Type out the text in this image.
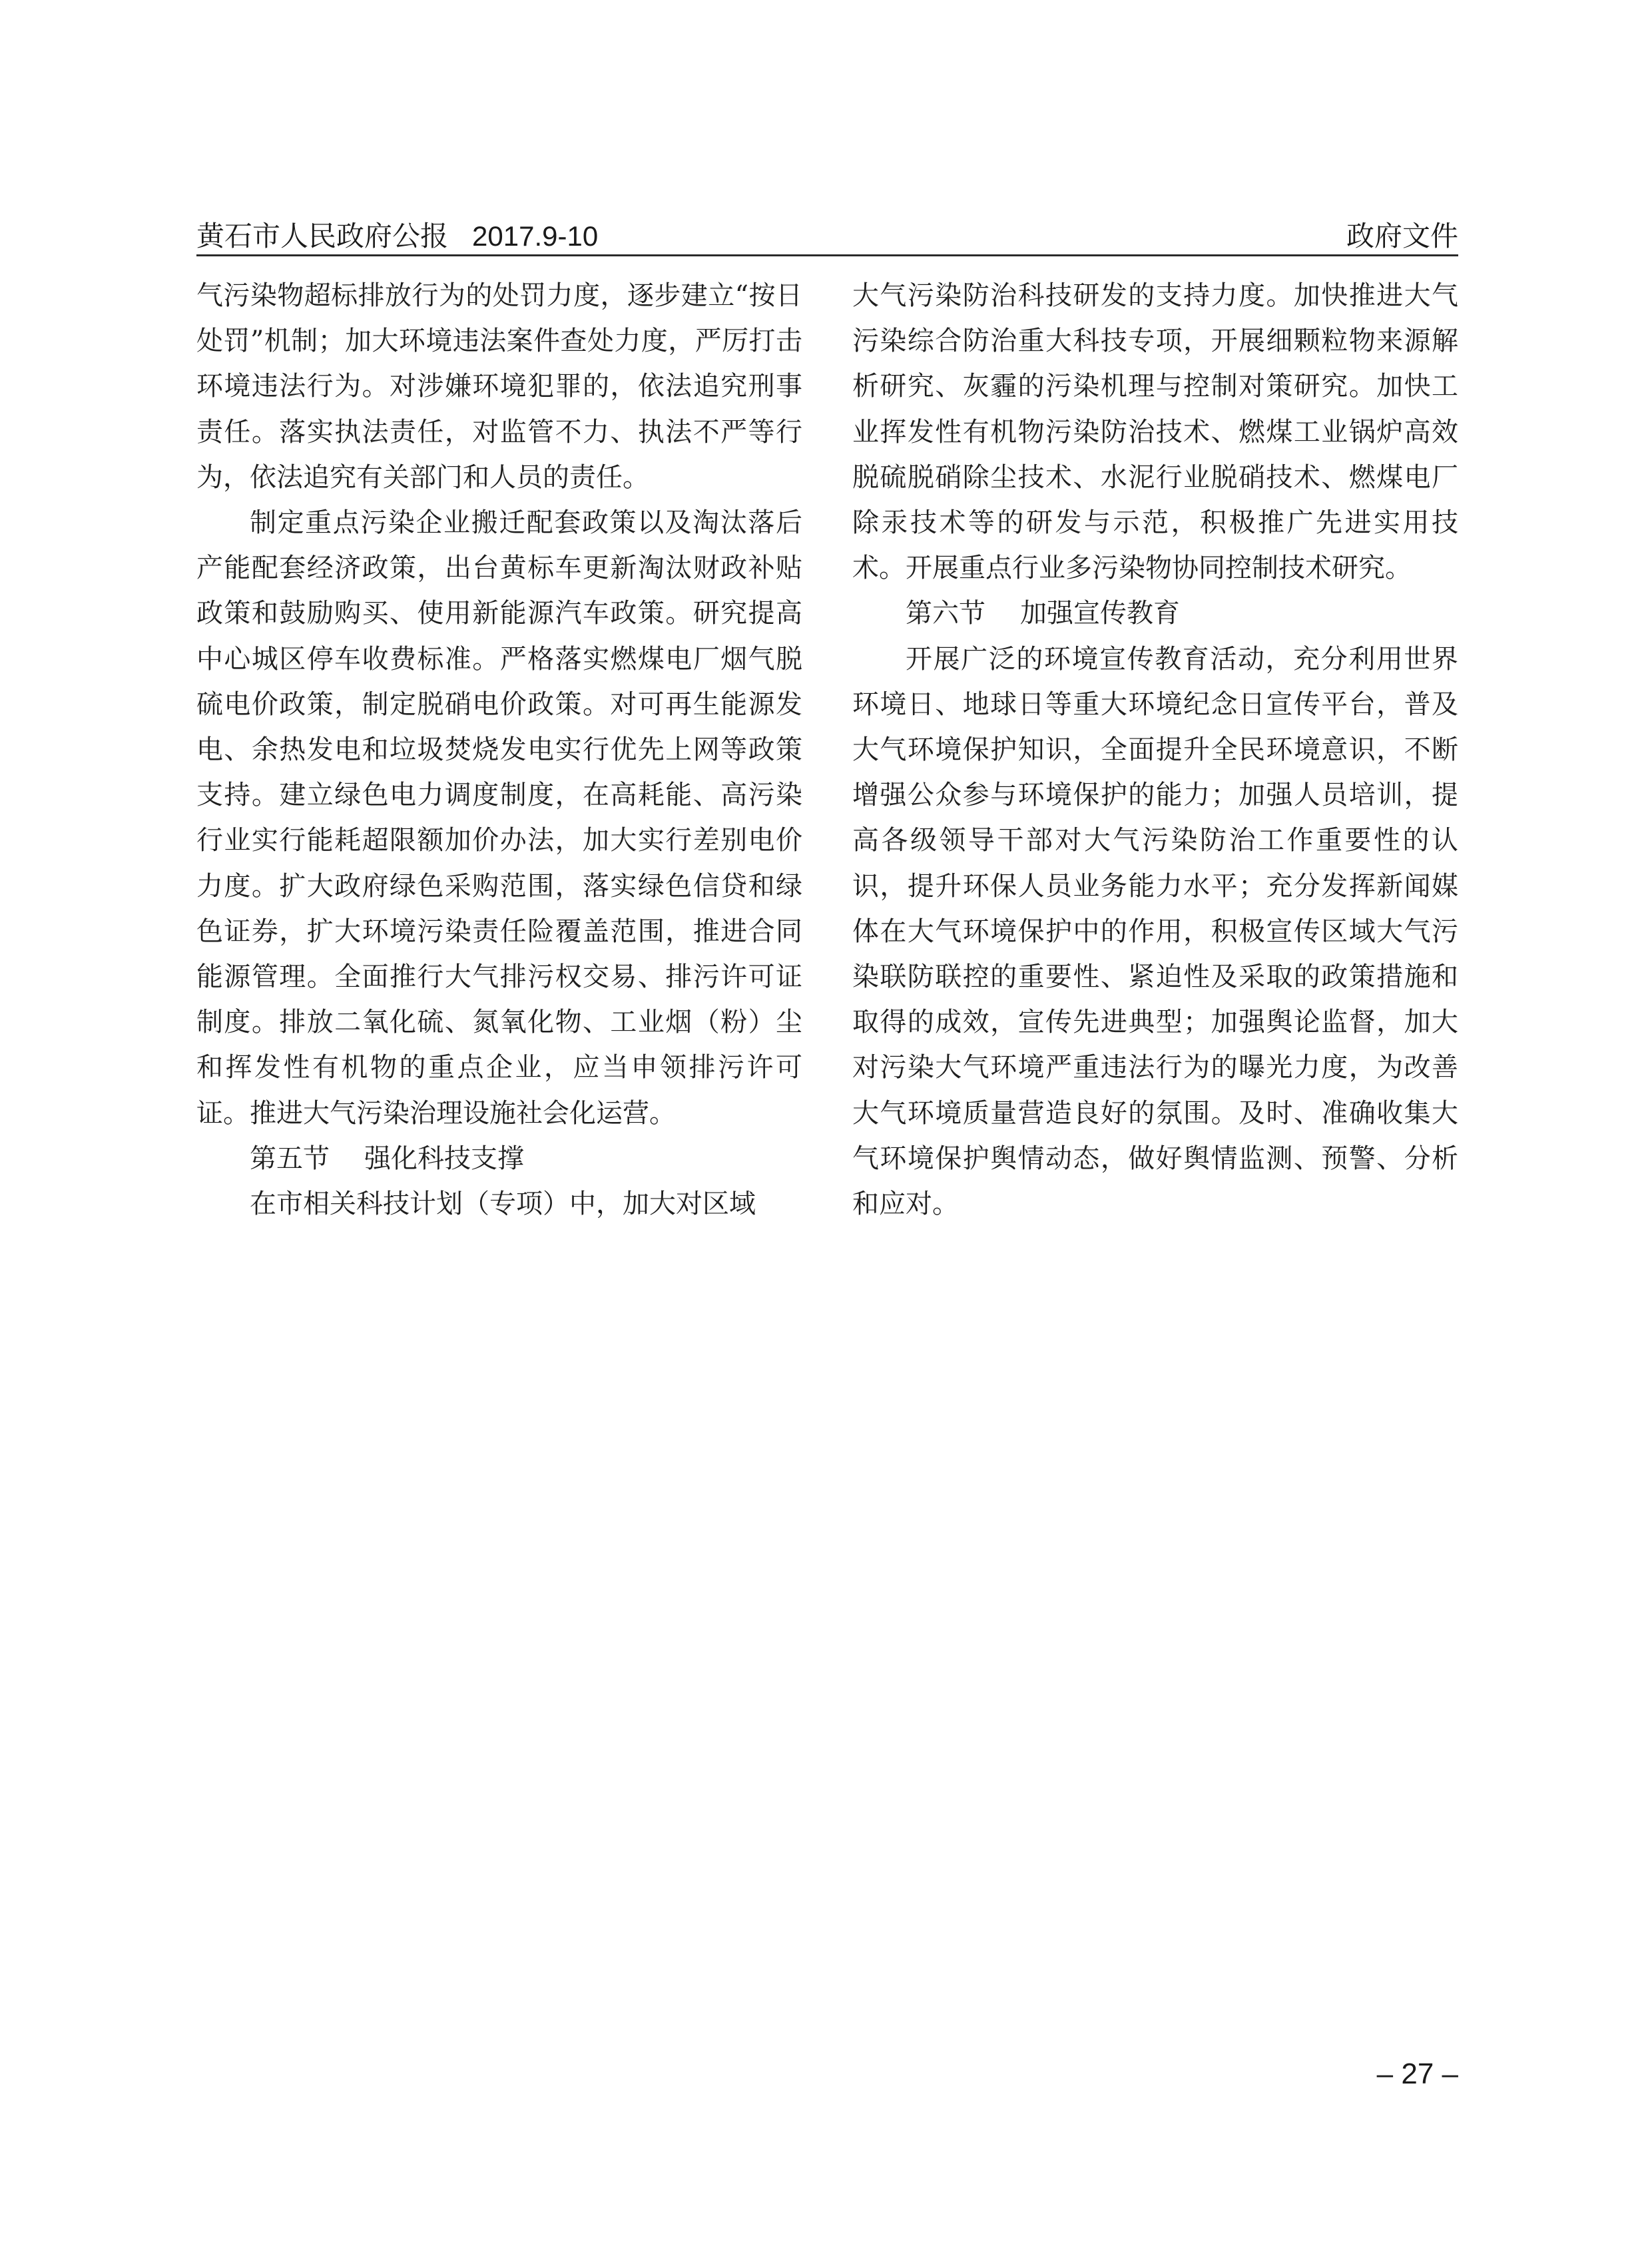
黄石市人民政府公报 2017.9-10	政府文件

气污染物超标排放行为的处罚力度，逐步建立“按日处罚”机制；加大环境违法案件查处力度，严厉打击环境违法行为。对涉嫌环境犯罪的，依法追究刑事责任。落实执法责任，对监管不力、执法不严等行为，依法追究有关部门和人员的责任。

制定重点污染企业搬迁配套政策以及淘汰落后产能配套经济政策，出台黄标车更新淘汰财政补贴政策和鼓励购买、使用新能源汽车政策。研究提高中心城区停车收费标准。严格落实燃煤电厂烟气脱硫电价政策，制定脱硝电价政策。对可再生能源发电、余热发电和垃圾焚烧发电实行优先上网等政策支持。建立绿色电力调度制度，在高耗能、高污染行业实行能耗超限额加价办法，加大实行差别电价力度。扩大政府绿色采购范围，落实绿色信贷和绿色证券，扩大环境污染责任险覆盖范围，推进合同能源管理。全面推行大气排污权交易、排污许可证制度。排放二氧化硫、氮氧化物、工业烟（粉）尘和挥发性有机物的重点企业，应当申领排污许可证。推进大气污染治理设施社会化运营。

第五节 强化科技支撑

在市相关科技计划（专项）中，加大对区域

大气污染防治科技研发的支持力度。加快推进大气污染综合防治重大科技专项，开展细颗粒物来源解析研究、灰霾的污染机理与控制对策研究。加快工业挥发性有机物污染防治技术、燃煤工业锅炉高效脱硫脱硝除尘技术、水泥行业脱硝技术、燃煤电厂除汞技术等的研发与示范，积极推广先进实用技术。开展重点行业多污染物协同控制技术研究。

第六节 加强宣传教育

开展广泛的环境宣传教育活动，充分利用世界环境日、地球日等重大环境纪念日宣传平台，普及大气环境保护知识，全面提升全民环境意识，不断增强公众参与环境保护的能力；加强人员培训，提高各级领导干部对大气污染防治工作重要性的认识，提升环保人员业务能力水平；充分发挥新闻媒体在大气环境保护中的作用，积极宣传区域大气污染联防联控的重要性、紧迫性及采取的政策措施和取得的成效，宣传先进典型；加强舆论监督，加大对污染大气环境严重违法行为的曝光力度，为改善大气环境质量营造良好的氛围。及时、准确收集大气环境保护舆情动态，做好舆情监测、预警、分析和应对。

– 27 –
